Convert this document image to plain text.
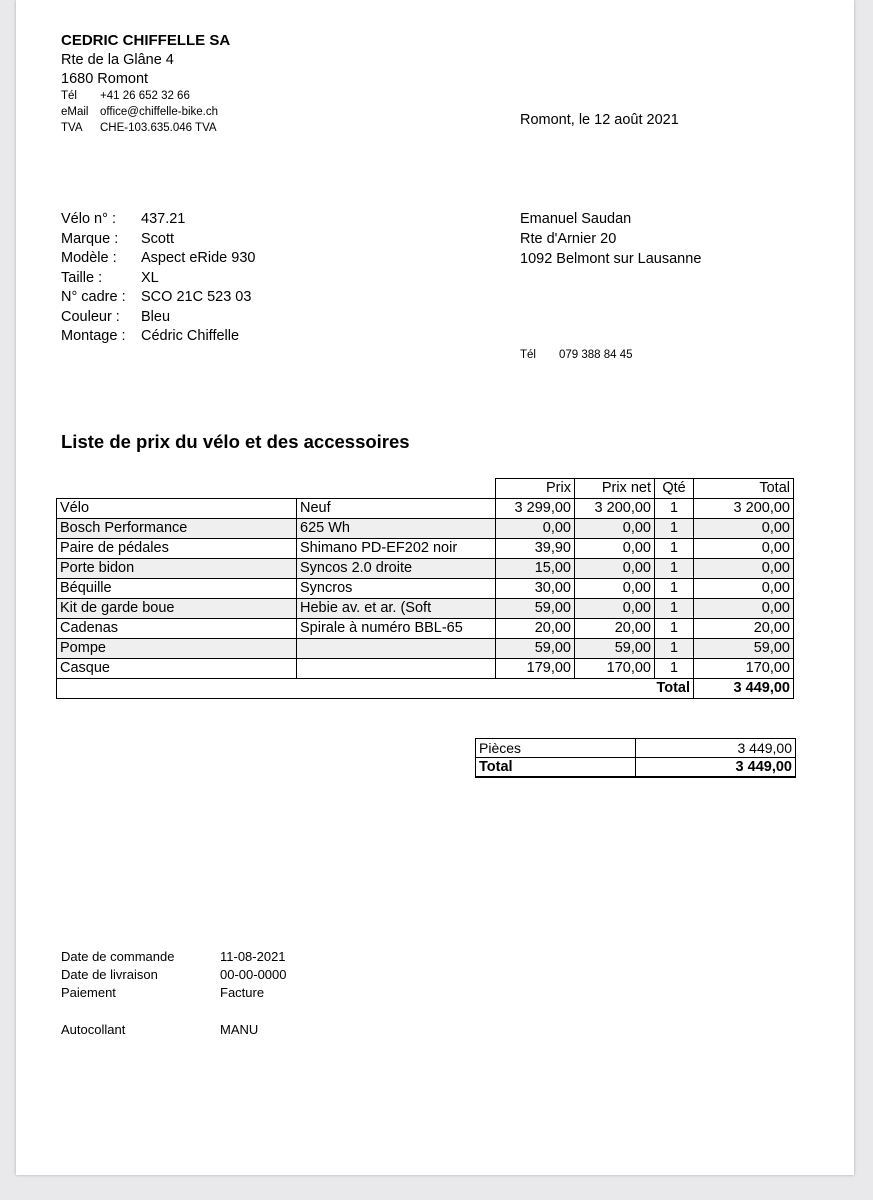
CEDRIC CHIFFELLE SA
Rte de la Glâne 4
1680 Romont
Tél +41 26 652 32 66
eMail office@chiffelle-bike.ch
TVA CHE-103.635.046 TVA	Romont, le 12 août 2021
Vélo n° : 437.21
Marque : Scott
Modèle : Aspect eRide 930
Taille :	XL
N° cadre : SCO 21C 523 03
Couleur : Bleu
Montage : Cédric Chiffelle
Emanuel Saudan
Rte d'Arnier 20
1092 Belmont sur Lausanne
Tél 079 388 84 45
Liste de prix du vélo et des accessoires
		Prix	Prix net	Qté	Total
Vélo	Neuf	3 299,00	3 200,00	1	3 200,00
Bosch Performance	625 Wh	0,00	0,00	1	0,00
Paire de pédales	Shimano PD-EF202 noir	39,90	0,00	1	0,00
Porte bidon	Syncos 2.0 droite	15,00	0,00	1	0,00
Béquille	Syncros	30,00	0,00	1	0,00
Kit de garde boue	Hebie av. et ar. (Soft	59,00	0,00	1	0,00
Cadenas	Spirale à numéro BBL-65	20,00	20,00	1	20,00
Pompe		59,00	59,00	1	59,00
Casque		179,00	170,00	1	170,00
Total					3 449,00
Pièces	3 449,00
Total	3 449,00
Date de commande	11-08-2021
Date de livraison	00-00-0000
Paiement	Facture
Autocollant	MANU
